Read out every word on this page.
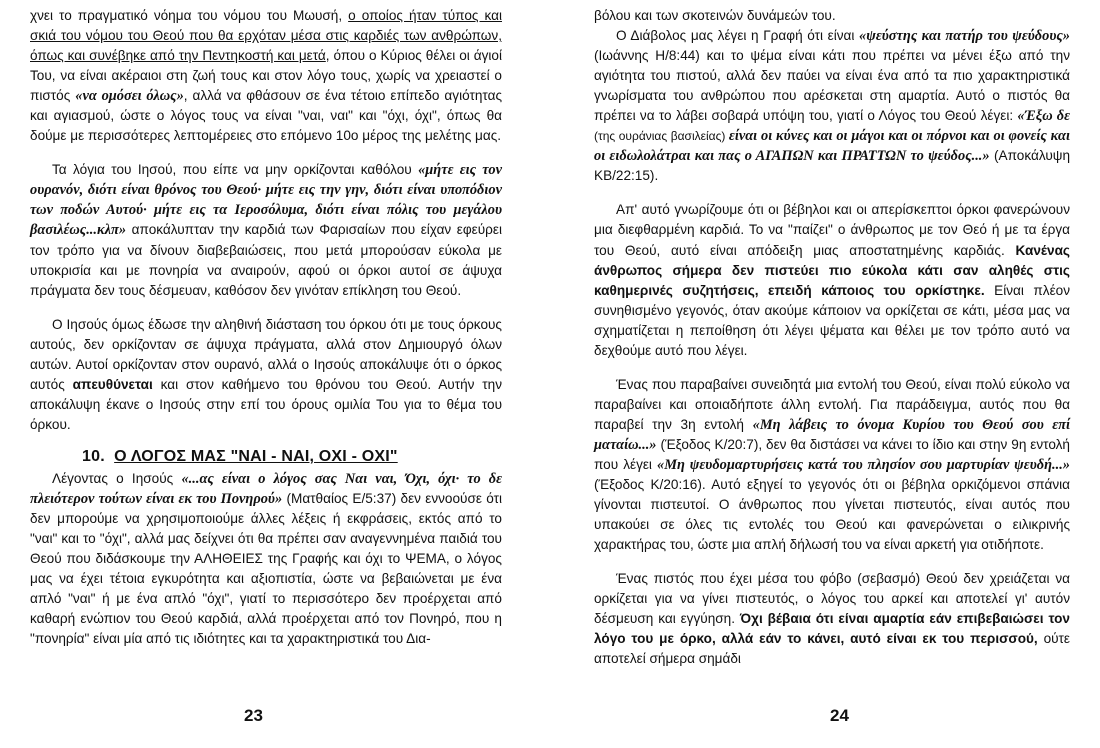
χνει το πραγματικό νόημα του νόμου του Μωυσή, ο οποίος ήταν τύπος και σκιά του νόμου του Θεού που θα ερχόταν μέσα στις καρδιές των ανθρώπων, όπως και συνέβηκε από την Πεντηκοστή και μετά, όπου ο Κύριος θέλει οι άγιοί Του, να είναι ακέραιοι στη ζωή τους και στον λόγο τους, χωρίς να χρειαστεί ο πιστός «να ομόσει όλως», αλλά να φθάσουν σε ένα τέτοιο επίπεδο αγιότητας και αγιασμού, ώστε ο λόγος τους να είναι "ναι, ναι" και "όχι, όχι", όπως θα δούμε με περισσότερες λεπτομέρειες στο επόμενο 10ο μέρος της μελέτης μας.

Τα λόγια του Ιησού, που είπε να μην ορκίζονται καθόλου «μήτε εις τον ουρανόν, διότι είναι θρόνος του Θεού· μήτε εις την γην, διότι είναι υποπόδιον των ποδών Αυτού· μήτε εις τα Ιεροσόλυμα, διότι είναι πόλις του μεγάλου βασιλέως...κλπ» αποκάλυπταν την καρδιά των Φαρισαίων που είχαν εφεύρει τον τρόπο για να δίνουν διαβεβαιώσεις, που μετά μπορούσαν εύκολα με υποκρισία και με πονηρία να αναιρούν, αφού οι όρκοι αυτοί σε άψυχα πράγματα δεν τους δέσμευαν, καθόσον δεν γινόταν επίκληση του Θεού.

Ο Ιησούς όμως έδωσε την αληθινή διάσταση του όρκου ότι με τους όρκους αυτούς, δεν ορκίζονταν σε άψυχα πράγματα, αλλά στον Δημιουργό όλων αυτών. Αυτοί ορκίζονταν στον ουρανό, αλλά ο Ιησούς αποκάλυψε ότι ο όρκος αυτός απευθύνεται και στον καθήμενο του θρόνου του Θεού. Αυτήν την αποκάλυψη έκανε ο Ιησούς στην επί του όρους ομιλία Του για το θέμα του όρκου.

10. Ο ΛΟΓΟΣ ΜΑΣ "ΝΑΙ - ΝΑΙ, ΟΧΙ - ΟΧΙ"

Λέγοντας ο Ιησούς «...ας είναι ο λόγος σας Ναι ναι, Όχι, όχι· το δε πλειότερον τούτων είναι εκ του Πονηρού» (Ματθαίος Ε/5:37) δεν εννοούσε ότι δεν μπορούμε να χρησιμοποιούμε άλλες λέξεις ή εκφράσεις, εκτός από το "ναι" και το "όχι", αλλά μας δείχνει ότι θα πρέπει σαν αναγεννημένα παιδιά του Θεού που διδάσκουμε την ΑΛΗΘΕΙΕΣ της Γραφής και όχι το ΨΕΜΑ, ο λόγος μας να έχει τέτοια εγκυρότητα και αξιοπιστία, ώστε να βεβαιώνεται με ένα απλό "ναι" ή με ένα απλό "όχι", γιατί το περισσότερο δεν προέρχεται από καθαρή ενώπιον του Θεού καρδιά, αλλά προέρχεται από τον Πονηρό, που η "πονηρία" είναι μία από τις ιδιότητες και τα χαρακτηριστικά του Δια-

βόλου και των σκοτεινών δυνάμεών του.

Ο Διάβολος μας λέγει η Γραφή ότι είναι «ψεύστης και πατήρ του ψεύδους» (Ιωάννης Η/8:44) και το ψέμα είναι κάτι που πρέπει να μένει έξω από την αγιότητα του πιστού, αλλά δεν παύει να είναι ένα από τα πιο χαρακτηριστικά γνωρίσματα του ανθρώπου που αρέσκεται στη αμαρτία. Αυτό ο πιστός θα πρέπει να το λάβει σοβαρά υπόψη του, γιατί ο Λόγος του Θεού λέγει: «Έξω δε (της ουράνιας βασιλείας) είναι οι κύνες και οι μάγοι και οι πόρνοι και οι φονείς και οι ειδωλολάτραι και πας ο ΑΓΑΠΩΝ και ΠΡΑΤΤΩΝ το ψεύδος...» (Αποκάλυψη ΚΒ/22:15).

Απ' αυτό γνωρίζουμε ότι οι βέβηλοι και οι απερίσκεπτοι όρκοι φανερώνουν μια διεφθαρμένη καρδιά. Το να "παίζει" ο άνθρωπος με τον Θεό ή με τα έργα του Θεού, αυτό είναι απόδειξη μιας αποστατημένης καρδιάς. Κανένας άνθρωπος σήμερα δεν πιστεύει πιο εύκολα κάτι σαν αληθές στις καθημερινές συζητήσεις, επειδή κάποιος του ορκίστηκε. Είναι πλέον συνηθισμένο γεγονός, όταν ακούμε κάποιον να ορκίζεται σε κάτι, μέσα μας να σχηματίζεται η πεποίθηση ότι λέγει ψέματα και θέλει με τον τρόπο αυτό να δεχθούμε αυτό που λέγει.

Ένας που παραβαίνει συνειδητά μια εντολή του Θεού, είναι πολύ εύκολο να παραβαίνει και οποιαδήποτε άλλη εντολή. Για παράδειγμα, αυτός που θα παραβεί την 3η εντολή «Μη λάβεις το όνομα Κυρίου του Θεού σου επί ματαίω...» (Έξοδος Κ/20:7), δεν θα διστάσει να κάνει το ίδιο και στην 9η εντολή που λέγει «Μη ψευδομαρτυρήσεις κατά του πλησίον σου μαρτυρίαν ψευδή...» (Έξοδος Κ/20:16). Αυτό εξηγεί το γεγονός ότι οι βέβηλα ορκιζόμενοι σπάνια γίνονται πιστευτοί. Ο άνθρωπος που γίνεται πιστευτός, είναι αυτός που υπακούει σε όλες τις εντολές του Θεού και φανερώνεται ο ειλικρινής χαρακτήρας του, ώστε μια απλή δήλωσή του να είναι αρκετή για οτιδήποτε.

Ένας πιστός που έχει μέσα του φόβο (σεβασμό) Θεού δεν χρειάζεται να ορκίζεται για να γίνει πιστευτός, ο λόγος του αρκεί και αποτελεί γι' αυτόν δέσμευση και εγγύηση. Όχι βέβαια ότι είναι αμαρτία εάν επιβεβαιώσει τον λόγο του με όρκο, αλλά εάν το κάνει, αυτό είναι εκ του περισσού, ούτε αποτελεί σήμερα σημάδι

23	24
